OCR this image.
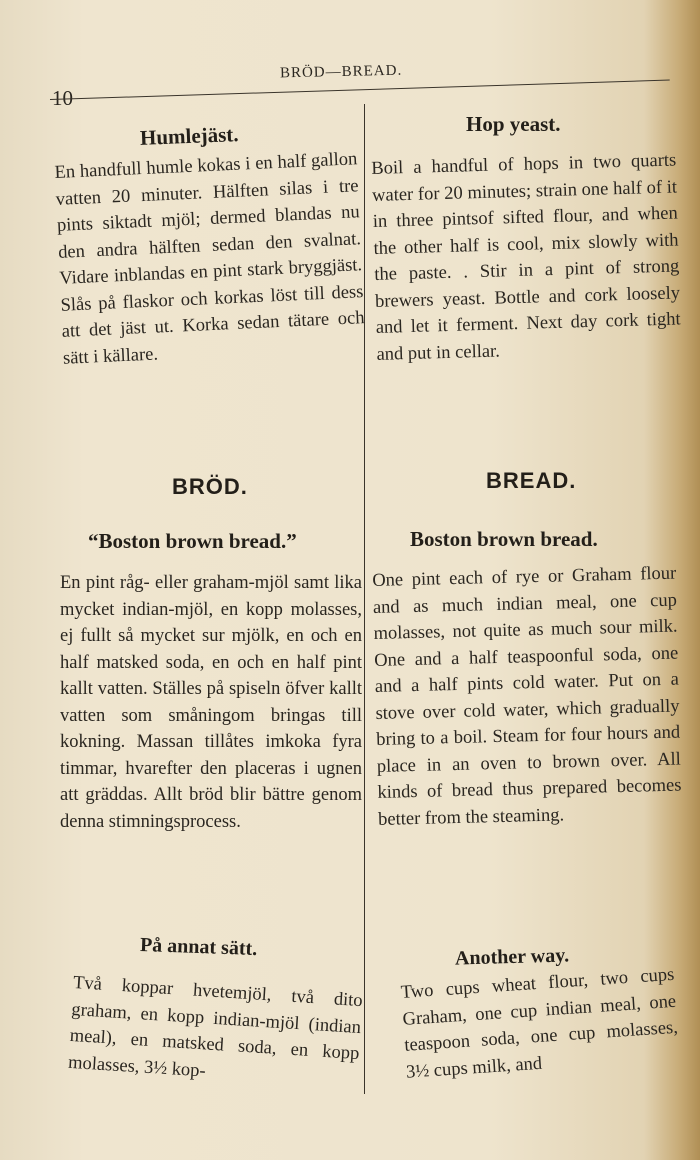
10
BRÖD—BREAD.
Humlejäst.

En handfull humle kokas i en half gallon vatten 20 minuter. Hälften silas i tre pints siktadt mjöl; dermed blandas nu den andra hälften sedan den svalnat. Vidare inblandas en pint stark bryggjäst. Slås på flaskor och korkas löst till dess att det jäst ut. Korka sedan tätare och sätt i källare.

BRÖD.
“Boston brown bread.”

En pint råg- eller graham-mjöl samt lika mycket indian-mjöl, en kopp molasses, ej fullt så mycket sur mjölk, en och en half matsked soda, en och en half pint kallt vatten. Ställes på spiseln öfver kallt vatten som småningom bringas till kokning. Massan tillåtes imkoka fyra timmar, hvarefter den placeras i ugnen att gräddas. Allt bröd blir bättre genom denna stimningsprocess.

På annat sätt.

Två koppar hvetemjöl, två dito graham, en kopp indian-mjöl (indian meal), en matsked soda, en kopp molasses, 3½ kop-

Hop yeast.

Boil a handful of hops in two quarts water for 20 minutes; strain one half of it in three pintsof sifted flour, and when the other half is cool, mix slowly with the paste. . Stir in a pint of strong brewers yeast. Bottle and cork loosely and let it ferment. Next day cork tight and put in cellar.

BREAD.
Boston brown bread.

One pint each of rye or Graham flour and as much indian meal, one cup molasses, not quite as much sour milk. One and a half teaspoonful soda, one and a half pints cold water. Put on a stove over cold water, which gradually bring to a boil. Steam for four hours and place in an oven to brown over. All kinds of bread thus prepared becomes better from the steaming.

Another way.

Two cups wheat flour, two cups Graham, one cup indian meal, one teaspoon soda, one cup molasses, 3½ cups milk, and
